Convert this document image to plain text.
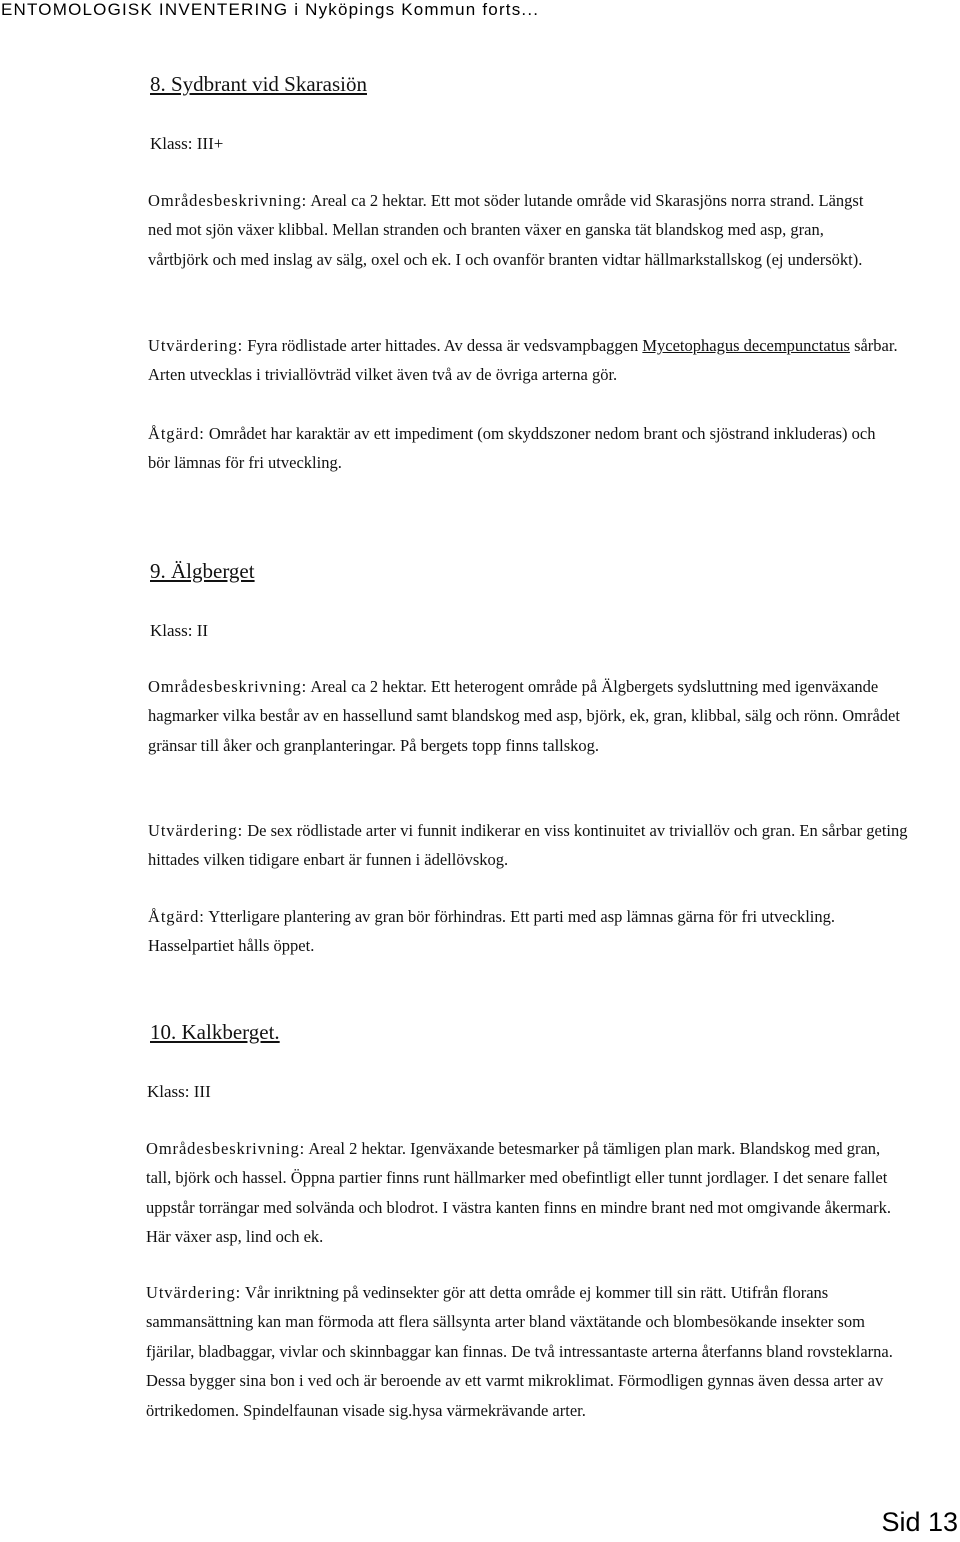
ENTOMOLOGISK INVENTERING i Nyköpings Kommun forts...
8. Sydbrant vid Skarasiön
Klass: III+

Områdesbeskrivning: Areal ca 2 hektar. Ett mot söder lutande område vid Skarasjöns norra strand. Längst ned mot sjön växer klibbal. Mellan stranden och branten växer en ganska tät blandskog med asp, gran, vårtbjörk och med inslag av sälg, oxel och ek. I och ovanför branten vidtar hällmarkstallskog (ej undersökt).

Utvärdering: Fyra rödlistade arter hittades. Av dessa är vedsvampbaggen Mycetophagus decempunctatus sårbar. Arten utvecklas i triviallövträd vilket även två av de övriga arterna gör.

Åtgärd: Området har karaktär av ett impediment (om skyddszoner nedom brant och sjöstrand inkluderas) och bör lämnas för fri utveckling.

9. Älgberget
Klass: II

Områdesbeskrivning: Areal ca 2 hektar. Ett heterogent område på Älgbergets sydsluttning med igenväxande hagmarker vilka består av en hassellund samt blandskog med asp, björk, ek, gran, klibbal, sälg och rönn. Området gränsar till åker och granplanteringar. På bergets topp finns tallskog.

Utvärdering: De sex rödlistade arter vi funnit indikerar en viss kontinuitet av triviallöv och gran. En sårbar geting hittades vilken tidigare enbart är funnen i ädellövskog.

Åtgärd: Ytterligare plantering av gran bör förhindras. Ett parti med asp lämnas gärna för fri utveckling. Hasselpartiet hålls öppet.

10. Kalkberget.
Klass: III

Områdesbeskrivning: Areal 2 hektar. Igenväxande betesmarker på tämligen plan mark. Blandskog med gran, tall, björk och hassel. Öppna partier finns runt hällmarker med obefintligt eller tunnt jordlager. I det senare fallet uppstår torrängar med solvända och blodrot. I västra kanten finns en mindre brant ned mot omgivande åkermark. Här växer asp, lind och ek.

Utvärdering: Vår inriktning på vedinsekter gör att detta område ej kommer till sin rätt. Utifrån florans sammansättning kan man förmoda att flera sällsynta arter bland växtätande och blombesökande insekter som fjärilar, bladbaggar, vivlar och skinnbaggar kan finnas. De två intressantaste arterna återfanns bland rovsteklarna. Dessa bygger sina bon i ved och är beroende av ett varmt mikroklimat. Förmodligen gynnas även dessa arter av örtrikedomen. Spindelfaunan visade sig.hysa värmekrävande arter.

Sid 13
